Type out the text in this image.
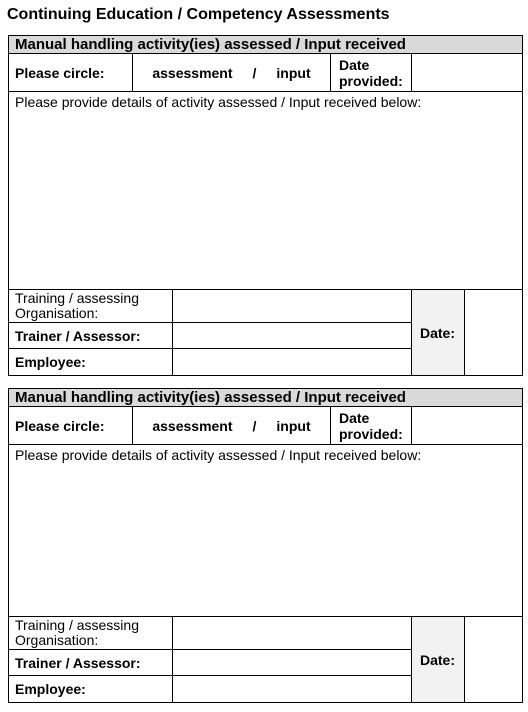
Continuing Education / Competency Assessments
Manual handling activity(ies) assessed / Input received					
Please circle:	assessment / input		Date
provided:		

Please provide details of activity assessed / Input received below:					

Training / assessing
Organisation:				Date:	
Trainer / Assessor:					
Employee:					
Manual handling activity(ies) assessed / Input received					
Please circle:	assessment / input		Date
provided:		

Please provide details of activity assessed / Input received below:					

Training / assessing
Organisation:				Date:	
Trainer / Assessor:					
Employee:					
